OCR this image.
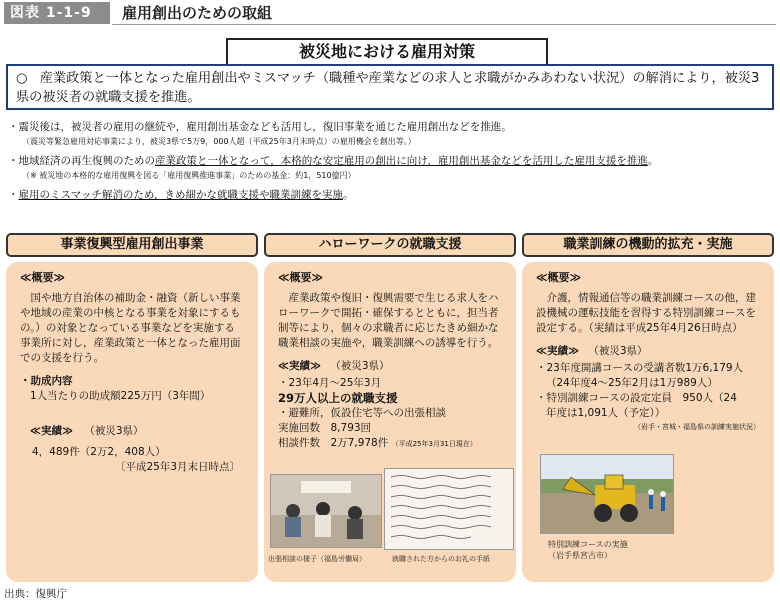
図表 1-1-9	雇用創出のための取組
被災地における雇用対策
○ 産業政策と一体となった雇用創出やミスマッチ（職種や産業などの求人と求職がかみあわない状況）の解消により，被災3県の被災者の就職支援を推進。
・震災後は，被災者の雇用の継続や，雇用創出基金なども活用し，復旧事業を通じた雇用創出などを推進。
（震災等緊急雇用対応事業により，被災3県で5万9，000人超（平成25年3月末時点）の雇用機会を創出等。）
・地域経済の再生復興のための産業政策と一体となって，本格的な安定雇用の創出に向け，雇用創出基金などを活用した雇用支援を推進。
（※ 被災地の本格的な雇用復興を図る「雇用復興推進事業」のための基金：約1，510億円）
・雇用のミスマッチ解消のため，きめ細かな就職支援や職業訓練を実施。
事業復興型雇用創出事業	ハローワークの就職支援	職業訓練の機動的拡充・実施
≪概要≫
国や地方自治体の補助金・融資（新しい事業や地域の産業の中核となる事業を対象にするもの。）の対象となっている事業などを実施する事業所に対し，産業政策と一体となった雇用面での支援を行う。
・助成内容
1人当たりの助成額225万円（3年間）
≪実績≫ （被災3県）
4，489件（2万2，408人）
〔平成25年3月末日時点〕
≪概要≫
産業政策や復旧・復興需要で生じる求人をハローワークで開拓・確保するとともに，担当者制等により，個々の求職者に応じたきめ細かな職業相談の実施や，職業訓練への誘導を行う。
≪実績≫ （被災3県）
・23年4月〜25年3月
29万人以上の就職支援
・避難所，仮設住宅等への出張相談
実施回数　8,793回
相談件数　2万7,978件 （平成25年3月31日現在）
出張相談の様子（福島労働局）	就職された方からのお礼の手紙
≪概要≫
介護，情報通信等の職業訓練コースの他，建設機械の運転技能を習得する特別訓練コースを設定する。（実績は平成25年4月26日時点）
≪実績≫ （被災3県）
・23年度開講コースの受講者数1万6,179人
（24年度4〜25年2月は1万989人）
・特別訓練コースの設定定員　950人（24
年度は1,091人（予定））
（岩手・宮城・福島県の訓練実施状況）
特別訓練コースの実施
（岩手県宮古市）
出典：復興庁
